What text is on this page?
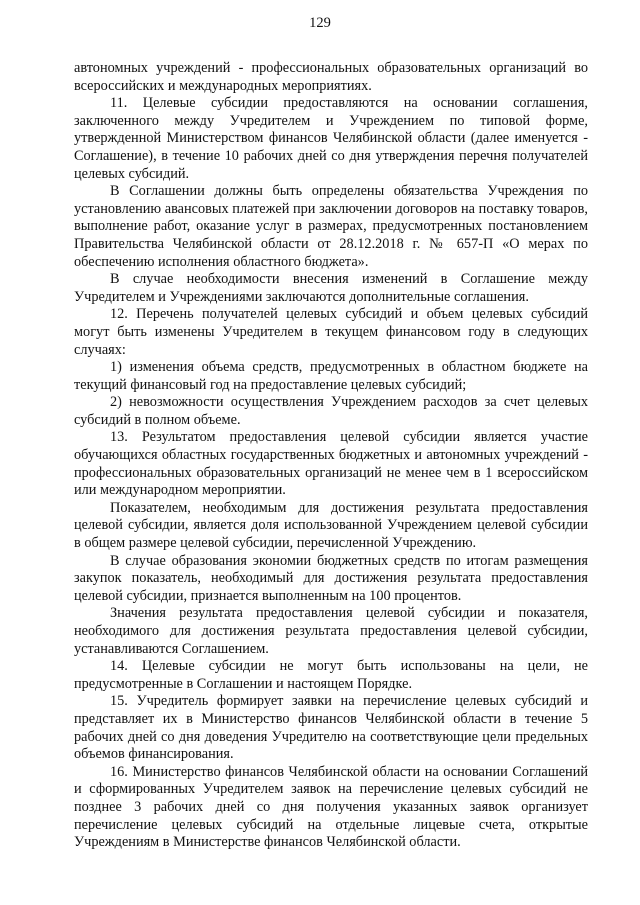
129

автономных учреждений - профессиональных образовательных организаций во всероссийских и международных мероприятиях.

11. Целевые субсидии предоставляются на основании соглашения, заключенного между Учредителем и Учреждением по типовой форме, утвержденной Министерством финансов Челябинской области (далее именуется - Соглашение), в течение 10 рабочих дней со дня утверждения перечня получателей целевых субсидий.

В Соглашении должны быть определены обязательства Учреждения по установлению авансовых платежей при заключении договоров на поставку товаров, выполнение работ, оказание услуг в размерах, предусмотренных постановлением Правительства Челябинской области от 28.12.2018 г. № 657-П «О мерах по обеспечению исполнения областного бюджета».

В случае необходимости внесения изменений в Соглашение между Учредителем и Учреждениями заключаются дополнительные соглашения.

12. Перечень получателей целевых субсидий и объем целевых субсидий могут быть изменены Учредителем в текущем финансовом году в следующих случаях:

1) изменения объема средств, предусмотренных в областном бюджете на текущий финансовый год на предоставление целевых субсидий;

2) невозможности осуществления Учреждением расходов за счет целевых субсидий в полном объеме.

13. Результатом предоставления целевой субсидии является участие обучающихся областных государственных бюджетных и автономных учреждений - профессиональных образовательных организаций не менее чем в 1 всероссийском или международном мероприятии.

Показателем, необходимым для достижения результата предоставления целевой субсидии, является доля использованной Учреждением целевой субсидии в общем размере целевой субсидии, перечисленной Учреждению.

В случае образования экономии бюджетных средств по итогам размещения закупок показатель, необходимый для достижения результата предоставления целевой субсидии, признается выполненным на 100 процентов.

Значения результата предоставления целевой субсидии и показателя, необходимого для достижения результата предоставления целевой субсидии, устанавливаются Соглашением.

14. Целевые субсидии не могут быть использованы на цели, не предусмотренные в Соглашении и настоящем Порядке.

15. Учредитель формирует заявки на перечисление целевых субсидий и представляет их в Министерство финансов Челябинской области в течение 5 рабочих дней со дня доведения Учредителю на соответствующие цели предельных объемов финансирования.

16. Министерство финансов Челябинской области на основании Соглашений и сформированных Учредителем заявок на перечисление целевых субсидий не позднее 3 рабочих дней со дня получения указанных заявок организует перечисление целевых субсидий на отдельные лицевые счета, открытые Учреждениям в Министерстве финансов Челябинской области.
